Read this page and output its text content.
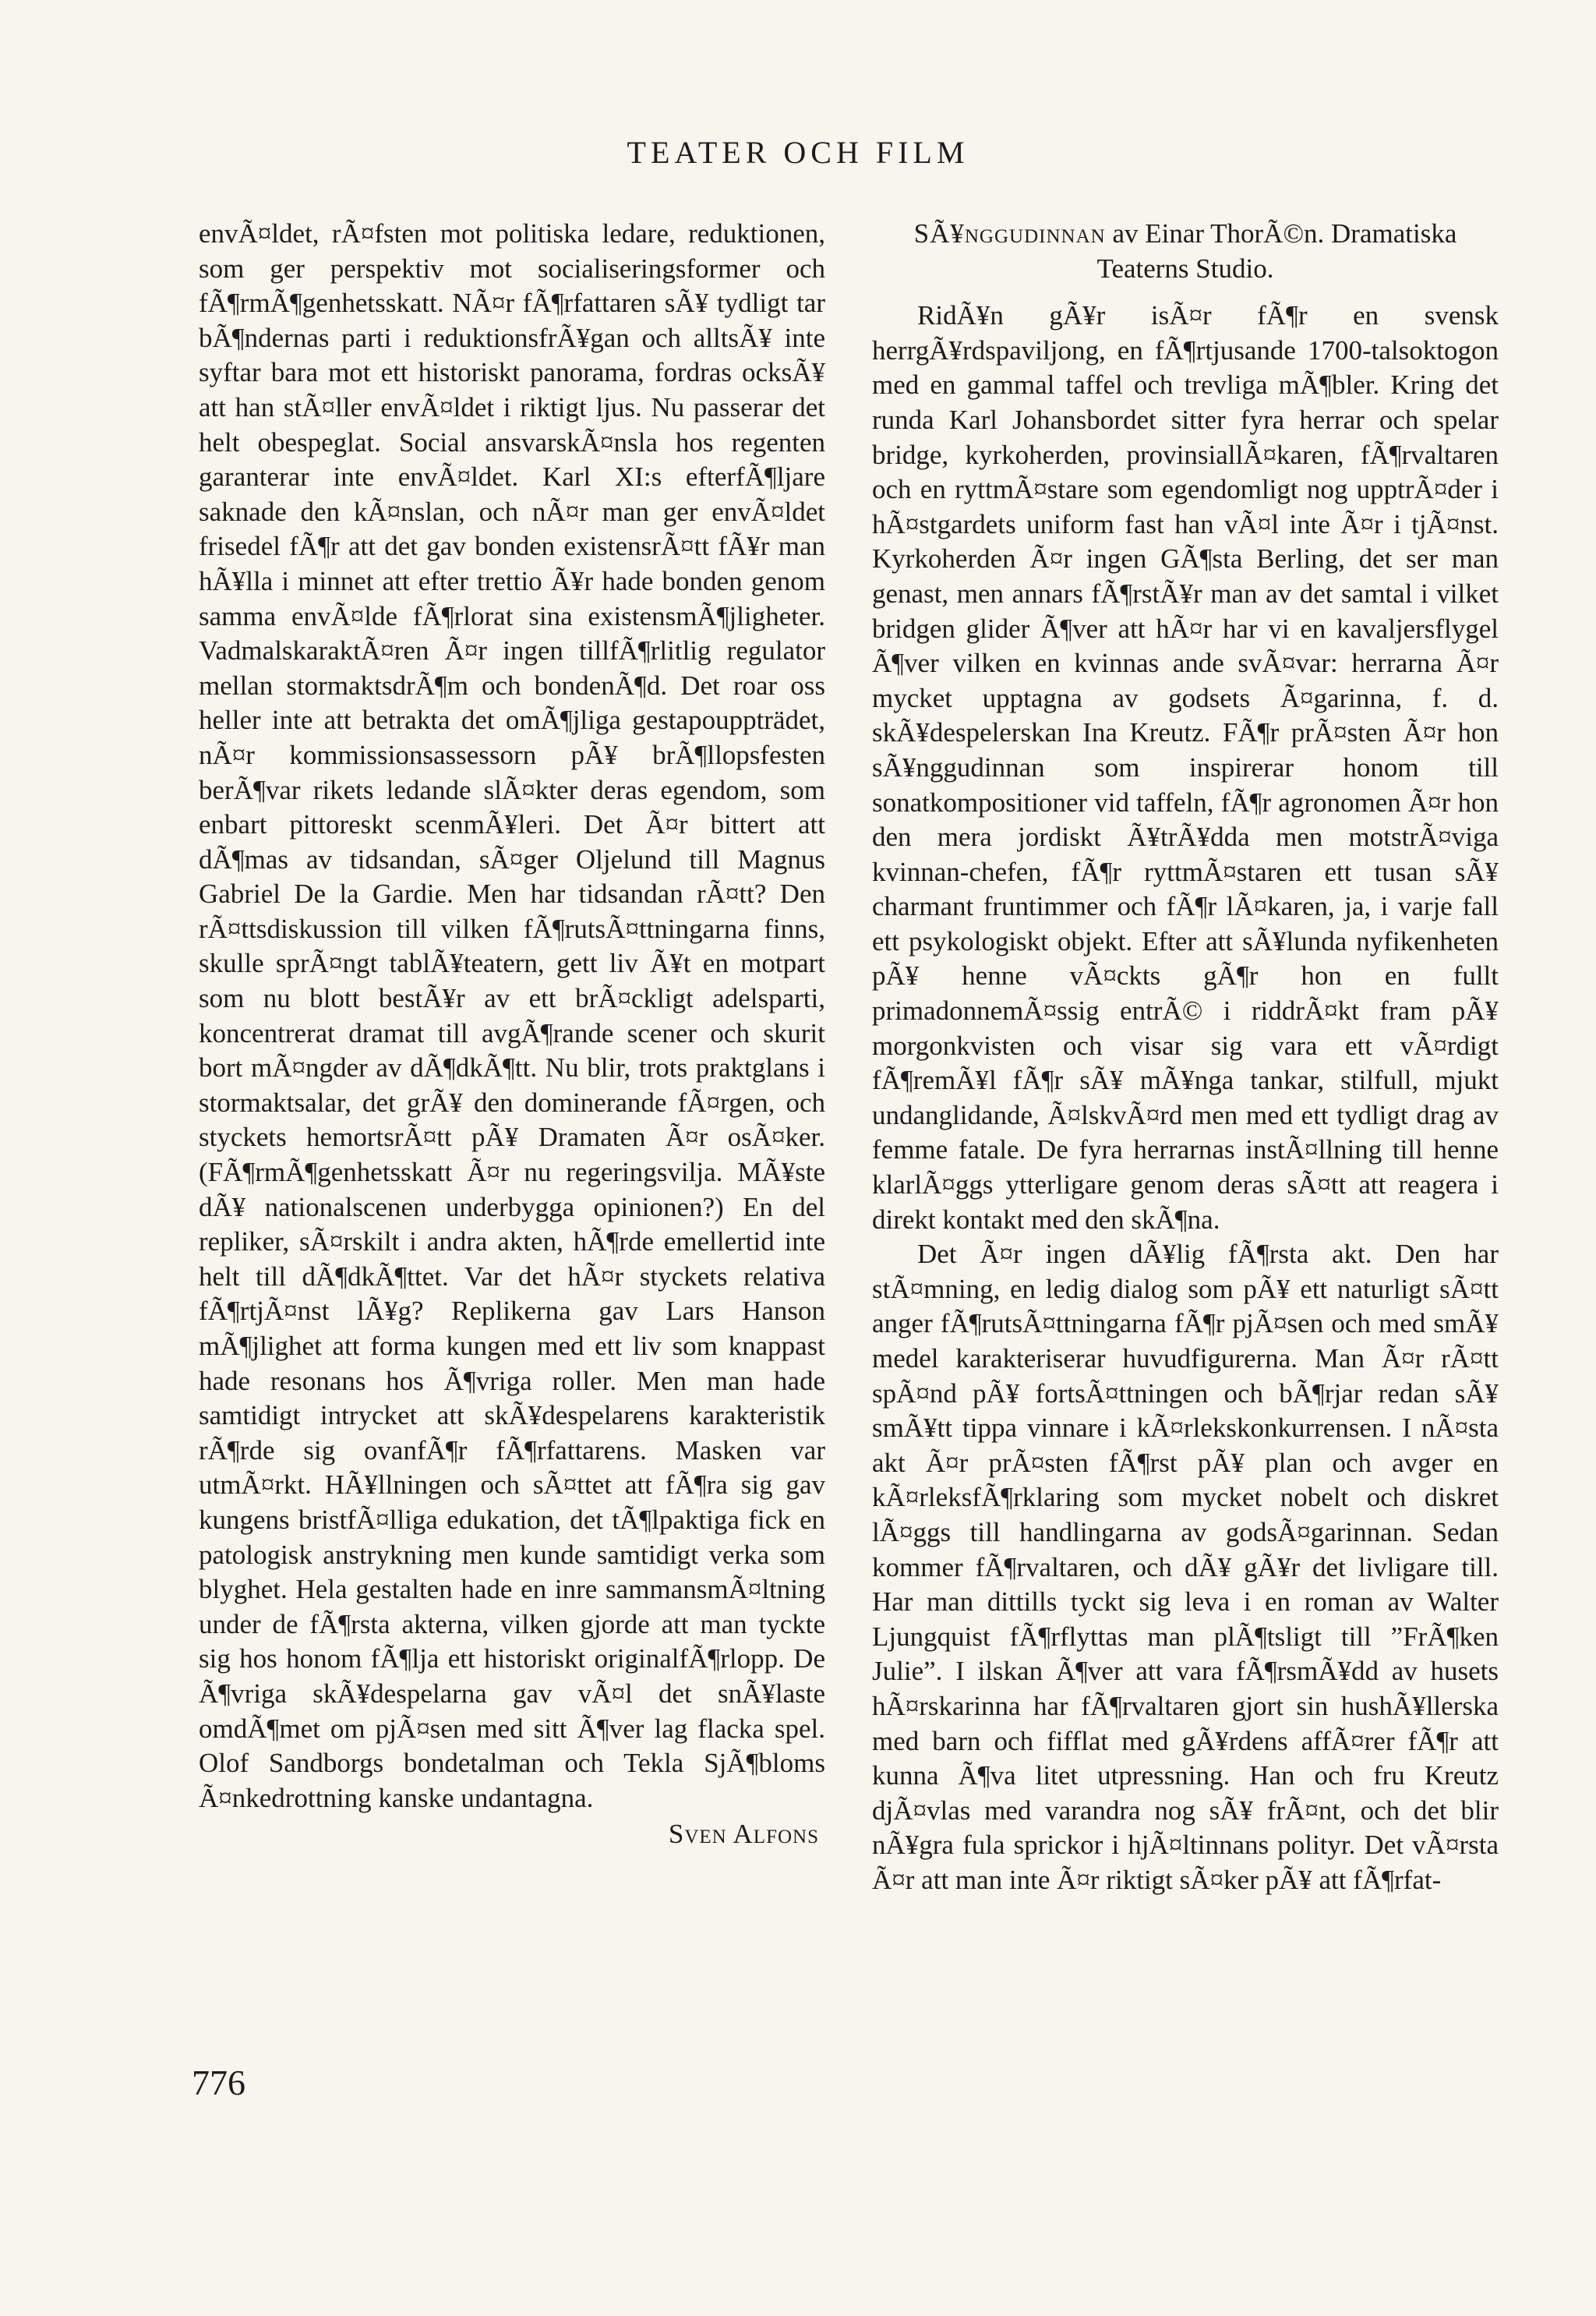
TEATER OCH FILM

envÃ¤ldet, rÃ¤fsten mot politiska ledare, reduktionen, som ger perspektiv mot socialiseringsformer och fÃ¶rmÃ¶genhetsskatt. NÃ¤r fÃ¶rfattaren sÃ¥ tydligt tar bÃ¶ndernas parti i reduktionsfrÃ¥gan och alltsÃ¥ inte syftar bara mot ett historiskt panorama, fordras ocksÃ¥ att han stÃ¤ller envÃ¤ldet i riktigt ljus. Nu passerar det helt obespeglat. Social ansvarskÃ¤nsla hos regenten garanterar inte envÃ¤ldet. Karl XI:s efterfÃ¶ljare saknade den kÃ¤nslan, och nÃ¤r man ger envÃ¤ldet frisedel fÃ¶r att det gav bonden existensrÃ¤tt fÃ¥r man hÃ¥lla i minnet att efter trettio Ã¥r hade bonden genom samma envÃ¤lde fÃ¶rlorat sina existensmÃ¶jligheter. VadmalskaraktÃ¤ren Ã¤r ingen tillfÃ¶rlitlig regulator mellan stormaktsdrÃ¶m och bondenÃ¶d. Det roar oss heller inte att betrakta det omÃ¶jliga gestapouppträdet, nÃ¤r kommissionsassessorn pÃ¥ brÃ¶llopsfesten berÃ¶var rikets ledande slÃ¤kter deras egendom, som enbart pittoreskt scenmÃ¥leri. Det Ã¤r bittert att dÃ¶mas av tidsandan, sÃ¤ger Oljelund till Magnus Gabriel De la Gardie. Men har tidsandan rÃ¤tt? Den rÃ¤ttsdiskussion till vilken fÃ¶rutsÃ¤ttningarna finns, skulle sprÃ¤ngt tablÃ¥teatern, gett liv Ã¥t en motpart som nu blott bestÃ¥r av ett brÃ¤ckligt adelsparti, koncentrerat dramat till avgÃ¶rande scener och skurit bort mÃ¤ngder av dÃ¶dkÃ¶tt. Nu blir, trots praktglans i stormaktsalar, det grÃ¥ den dominerande fÃ¤rgen, och styckets hemortsrÃ¤tt pÃ¥ Dramaten Ã¤r osÃ¤ker. (FÃ¶rmÃ¶genhetsskatt Ã¤r nu regeringsvilja. MÃ¥ste dÃ¥ nationalscenen underbygga opinionen?) En del repliker, sÃ¤rskilt i andra akten, hÃ¶rde emellertid inte helt till dÃ¶dkÃ¶ttet. Var det hÃ¤r styckets relativa fÃ¶rtjÃ¤nst lÃ¥g? Replikerna gav Lars Hanson mÃ¶jlighet att forma kungen med ett liv som knappast hade resonans hos Ã¶vriga roller. Men man hade samtidigt intrycket att skÃ¥despelarens karakteristik rÃ¶rde sig ovanfÃ¶r fÃ¶rfattarens. Masken var utmÃ¤rkt. HÃ¥llningen och sÃ¤ttet att fÃ¶ra sig gav kungens bristfÃ¤lliga edukation, det tÃ¶lpaktiga fick en patologisk anstrykning men kunde samtidigt verka som blyghet. Hela gestalten hade en inre sammansmÃ¤ltning under de fÃ¶rsta akterna, vilken gjorde att man tyckte sig hos honom fÃ¶lja ett historiskt originalfÃ¶rlopp. De Ã¶vriga skÃ¥despelarna gav vÃ¤l det snÃ¥laste omdÃ¶met om pjÃ¤sen med sitt Ã¶ver lag flacka spel. Olof Sandborgs bondetalman och Tekla SjÃ¶bloms Ã¤nkedrottning kanske undantagna.

Sven Alfons
SÃ¥nggudinnan av Einar ThorÃ©n. Dramatiska Teaterns Studio.

RidÃ¥n gÃ¥r isÃ¤r fÃ¶r en svensk herrgÃ¥rdspaviljong, en fÃ¶rtjusande 1700-talsoktogon med en gammal taffel och trevliga mÃ¶bler. Kring det runda Karl Johansbordet sitter fyra herrar och spelar bridge, kyrkoherden, provinsiallÃ¤karen, fÃ¶rvaltaren och en ryttmÃ¤stare som egendomligt nog upptrÃ¤der i hÃ¤stgardets uniform fast han vÃ¤l inte Ã¤r i tjÃ¤nst. Kyrkoherden Ã¤r ingen GÃ¶sta Berling, det ser man genast, men annars fÃ¶rstÃ¥r man av det samtal i vilket bridgen glider Ã¶ver att hÃ¤r har vi en kavaljersflygel Ã¶ver vilken en kvinnas ande svÃ¤var: herrarna Ã¤r mycket upptagna av godsets Ã¤garinna, f. d. skÃ¥despelerskan Ina Kreutz. FÃ¶r prÃ¤sten Ã¤r hon sÃ¥nggudinnan som inspirerar honom till sonatkompositioner vid taffeln, fÃ¶r agronomen Ã¤r hon den mera jordiskt Ã¥trÃ¥dda men motstrÃ¤viga kvinnan-chefen, fÃ¶r ryttmÃ¤staren ett tusan sÃ¥ charmant fruntimmer och fÃ¶r lÃ¤karen, ja, i varje fall ett psykologiskt objekt. Efter att sÃ¥lunda nyfikenheten pÃ¥ henne vÃ¤ckts gÃ¶r hon en fullt primadonnemÃ¤ssig entrÃ© i riddrÃ¤kt fram pÃ¥ morgonkvisten och visar sig vara ett vÃ¤rdigt fÃ¶remÃ¥l fÃ¶r sÃ¥ mÃ¥nga tankar, stilfull, mjukt undanglidande, Ã¤lskvÃ¤rd men med ett tydligt drag av femme fatale. De fyra herrarnas instÃ¤llning till henne klarlÃ¤ggs ytterligare genom deras sÃ¤tt att reagera i direkt kontakt med den skÃ¶na.

Det Ã¤r ingen dÃ¥lig fÃ¶rsta akt. Den har stÃ¤mning, en ledig dialog som pÃ¥ ett naturligt sÃ¤tt anger fÃ¶rutsÃ¤ttningarna fÃ¶r pjÃ¤sen och med smÃ¥ medel karakteriserar huvudfigurerna. Man Ã¤r rÃ¤tt spÃ¤nd pÃ¥ fortsÃ¤ttningen och bÃ¶rjar redan sÃ¥ smÃ¥tt tippa vinnare i kÃ¤rlekskonkurrensen. I nÃ¤sta akt Ã¤r prÃ¤sten fÃ¶rst pÃ¥ plan och avger en kÃ¤rleksfÃ¶rklaring som mycket nobelt och diskret lÃ¤ggs till handlingarna av godsÃ¤garinnan. Sedan kommer fÃ¶rvaltaren, och dÃ¥ gÃ¥r det livligare till. Har man dittills tyckt sig leva i en roman av Walter Ljungquist fÃ¶rflyttas man plÃ¶tsligt till ”FrÃ¶ken Julie”. I ilskan Ã¶ver att vara fÃ¶rsmÃ¥dd av husets hÃ¤rskarinna har fÃ¶rvaltaren gjort sin hushÃ¥llerska med barn och fifflat med gÃ¥rdens affÃ¤rer fÃ¶r att kunna Ã¶va litet utpressning. Han och fru Kreutz djÃ¤vlas med varandra nog sÃ¥ frÃ¤nt, och det blir nÃ¥gra fula sprickor i hjÃ¤ltinnans polityr. Det vÃ¤rsta Ã¤r att man inte Ã¤r riktigt sÃ¤ker pÃ¥ att fÃ¶rfat-

776
